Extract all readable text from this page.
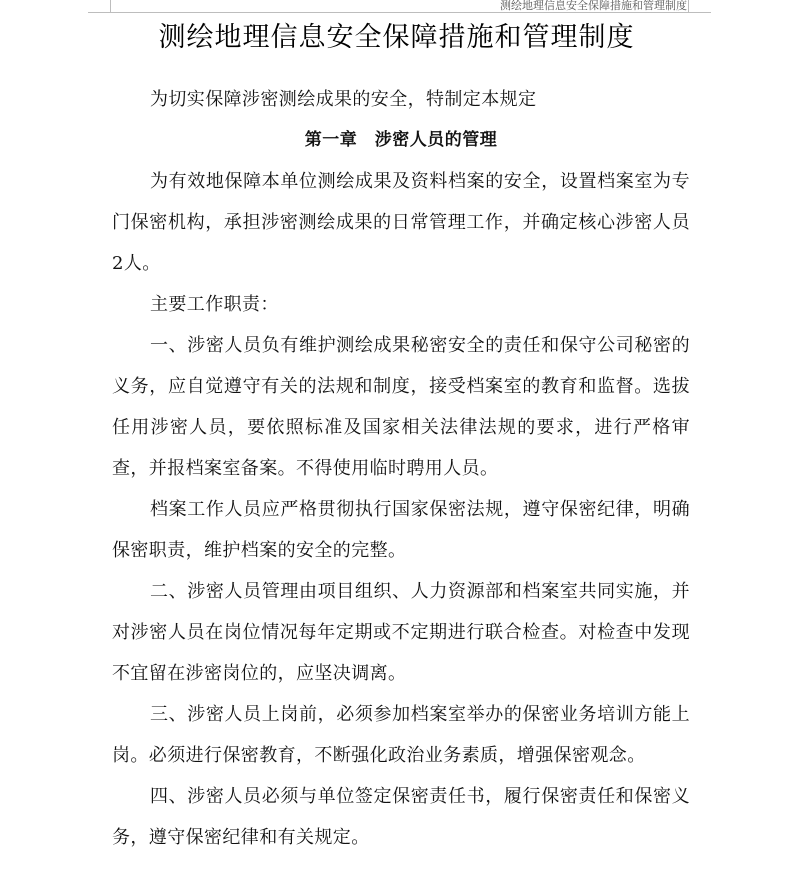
测绘地理信息安全保障措施和管理制度
测绘地理信息安全保障措施和管理制度

为切实保障涉密测绘成果的安全，特制定本规定

第一章　涉密人员的管理

为有效地保障本单位测绘成果及资料档案的安全，设置档案室为专门保密机构，承担涉密测绘成果的日常管理工作，并确定核心涉密人员2人。

主要工作职责：

一、涉密人员负有维护测绘成果秘密安全的责任和保守公司秘密的义务，应自觉遵守有关的法规和制度，接受档案室的教育和监督。选拔任用涉密人员，要依照标准及国家相关法律法规的要求，进行严格审查，并报档案室备案。不得使用临时聘用人员。

档案工作人员应严格贯彻执行国家保密法规，遵守保密纪律，明确保密职责，维护档案的安全的完整。

二、涉密人员管理由项目组织、人力资源部和档案室共同实施，并对涉密人员在岗位情况每年定期或不定期进行联合检查。对检查中发现不宜留在涉密岗位的，应坚决调离。

三、涉密人员上岗前，必须参加档案室举办的保密业务培训方能上岗。必须进行保密教育，不断强化政治业务素质，增强保密观念。

四、涉密人员必须与单位签定保密责任书，履行保密责任和保密义务，遵守保密纪律和有关规定。
